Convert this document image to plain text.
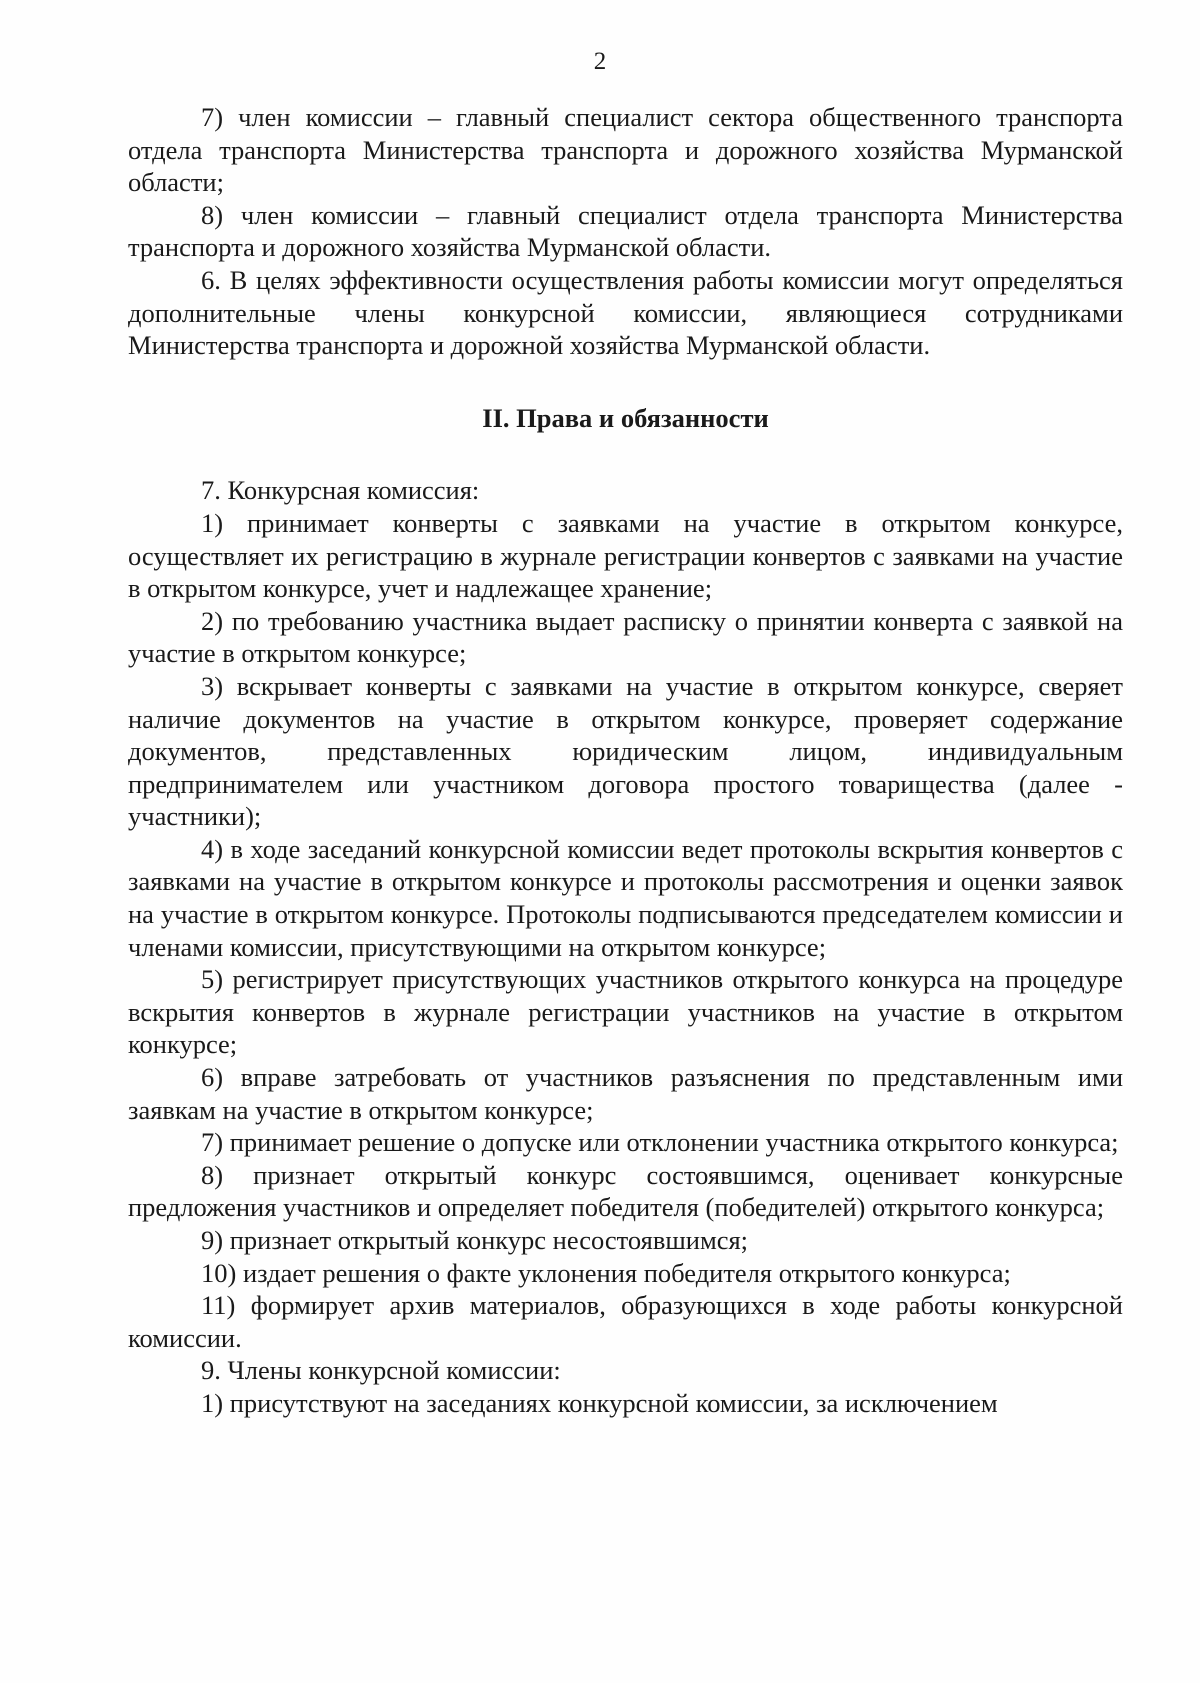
2

7) член комиссии – главный специалист сектора общественного транспорта отдела транспорта Министерства транспорта и дорожного хозяйства Мурманской области;

8) член комиссии – главный специалист отдела транспорта Министерства транспорта и дорожного хозяйства Мурманской области.

6. В целях эффективности осуществления работы комиссии могут определяться дополнительные члены конкурсной комиссии, являющиеся сотрудниками Министерства транспорта и дорожной хозяйства Мурманской области.

II. Права и обязанности

7. Конкурсная комиссия:

1) принимает конверты с заявками на участие в открытом конкурсе, осуществляет их регистрацию в журнале регистрации конвертов с заявками на участие в открытом конкурсе, учет и надлежащее хранение;

2) по требованию участника выдает расписку о принятии конверта с заявкой на участие в открытом конкурсе;

3) вскрывает конверты с заявками на участие в открытом конкурсе, сверяет наличие документов на участие в открытом конкурсе, проверяет содержание документов, представленных юридическим лицом, индивидуальным предпринимателем или участником договора простого товарищества (далее - участники);

4) в ходе заседаний конкурсной комиссии ведет протоколы вскрытия конвертов с заявками на участие в открытом конкурсе и протоколы рассмотрения и оценки заявок на участие в открытом конкурсе. Протоколы подписываются председателем комиссии и членами комиссии, присутствующими на открытом конкурсе;

5) регистрирует присутствующих участников открытого конкурса на процедуре вскрытия конвертов в журнале регистрации участников на участие в открытом конкурсе;

6) вправе затребовать от участников разъяснения по представленным ими заявкам на участие в открытом конкурсе;

7) принимает решение о допуске или отклонении участника открытого конкурса;

8) признает открытый конкурс состоявшимся, оценивает конкурсные предложения участников и определяет победителя (победителей) открытого конкурса;

9) признает открытый конкурс несостоявшимся;

10) издает решения о факте уклонения победителя открытого конкурса;

11) формирует архив материалов, образующихся в ходе работы конкурсной комиссии.

9. Члены конкурсной комиссии:

1) присутствуют на заседаниях конкурсной комиссии, за исключением
